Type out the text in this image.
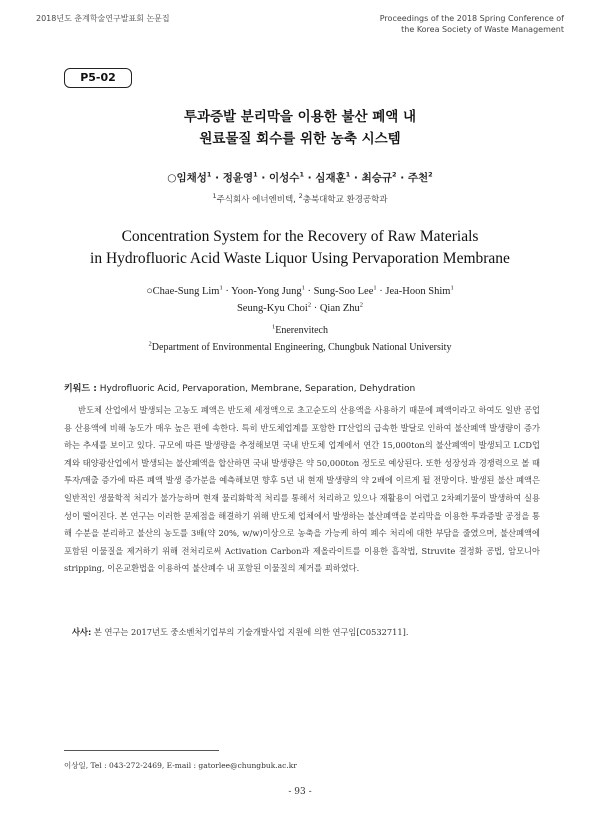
2018년도 춘계학술연구발표회 논문집	Proceedings of the 2018 Spring Conference of
the Korea Society of Waste Management
P5-02
투과증발 분리막을 이용한 불산 폐액 내
원료물질 회수를 위한 농축 시스템
○임채성$^1$ · 정윤영$^1$ · 이성수$^1$ · 심재훈$^1$ · 최승규$^2$ · 주천$^2$
$^1$주식회사 에너엔비텍, $^2$충북대학교 환경공학과
Concentration System for the Recovery of Raw Materials
in Hydrofluoric Acid Waste Liquor Using Pervaporation Membrane
○Chae-Sung Lim$^1$ · Yoon-Yong Jung$^1$ · Sung-Soo Lee$^1$ · Jea-Hoon Shim$^1$
Seung-Kyu Choi$^2$ · Qian Zhu$^2$
$^1$Enerenvitech
$^2$Department of Environmental Engineering, Chungbuk National University
키워드 : Hydrofluoric Acid, Pervaporation, Membrane, Separation, Dehydration

반도체 산업에서 발생되는 고농도 폐액은 반도체 세정액으로 초고순도의 산용액을 사용하기 때문에 폐액이라고 하여도 일반 공업용 산용액에 비해 농도가 매우 높은 편에 속한다. 특히 반도체업계를 포함한 IT산업의 급속한 발달로 인하여 불산폐액 발생량이 증가하는 추세를 보이고 있다. 규모에 따른 발생량을 추정해보면 국내 반도체 업계에서 연간 15,000ton의 불산폐액이 발생되고 LCD업계와 태양광산업에서 발생되는 불산폐액을 합산하면 국내 발생량은 약 50,000ton 정도로 예상된다. 또한 성장성과 경쟁력으로 볼 때 투자/매출 증가에 따른 폐액 발생 증가분을 예측해보면 향후 5년 내 현재 발생량의 약 2배에 이르게 될 전망이다. 발생된 불산 폐액은 일반적인 생물학적 처리가 불가능하며 현재 물리화학적 처리를 통해서 처리하고 있으나 재활용이 어렵고 2차폐기물이 발생하여 실용성이 떨어진다. 본 연구는 이러한 문제점을 해결하기 위해 반도체 업체에서 발생하는 불산폐액을 분리막을 이용한 투과증발 공정을 통해 수분을 분리하고 불산의 농도를 3배(약 20%, w/w)이상으로 농축을 가능케 하여 폐수 처리에 대한 부담을 줄였으며, 불산폐액에 포함된 이물질을 제거하기 위해 전처리로써 Activation Carbon과 제올라이트를 이용한 흡착법, Struvite 결정화 공법, 암모니아 stripping, 이온교환법을 이용하여 불산폐수 내 포함된 이물질의 제거를 꾀하였다.

사사: 본 연구는 2017년도 중소벤처기업부의 기술개발사업 지원에 의한 연구임[C0532711].
이상일, Tel : 043-272-2469, E-mail : gatorlee@chungbuk.ac.kr
- 93 -
